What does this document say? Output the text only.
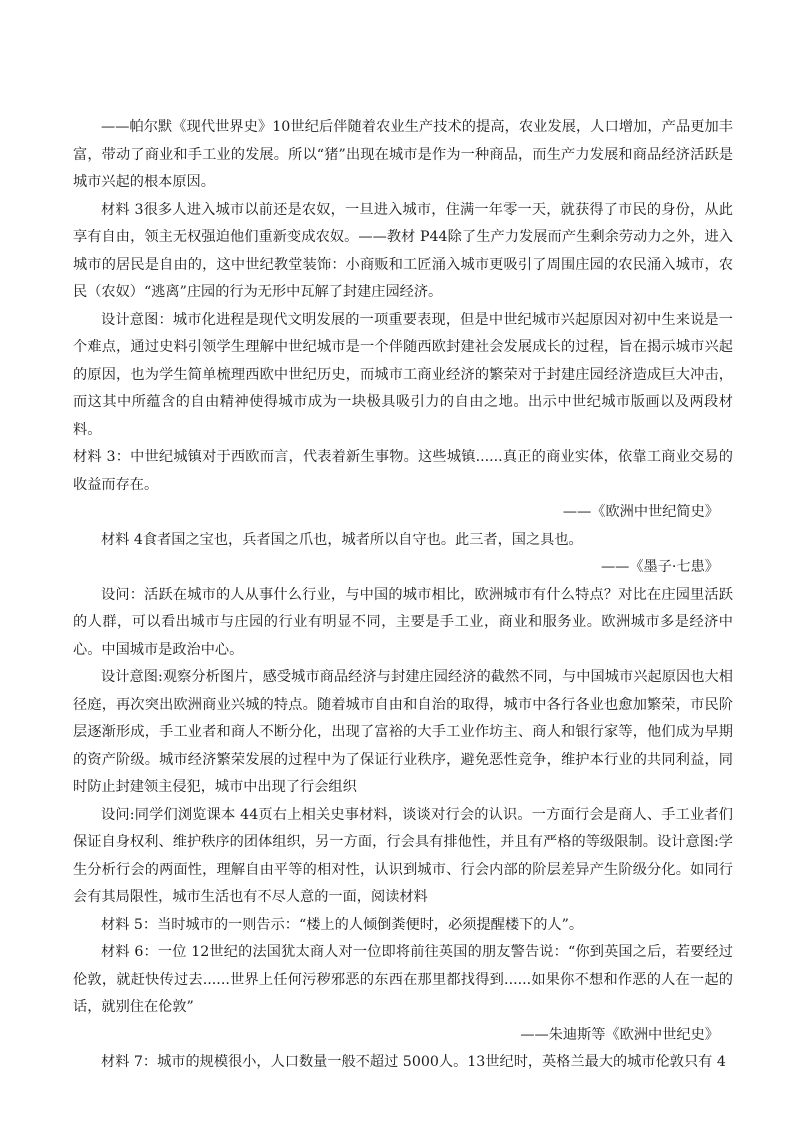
——帕尔默《现代世界史》10世纪后伴随着农业生产技术的提高，农业发展，人口增加，产品更加丰富，带动了商业和手工业的发展。所以“猪”出现在城市是作为一种商品，而生产力发展和商品经济活跃是城市兴起的根本原因。

材料 3很多人进入城市以前还是农奴，一旦进入城市，住满一年零一天，就获得了市民的身份，从此享有自由，领主无权强迫他们重新变成农奴。——教材 P44除了生产力发展而产生剩余劳动力之外，进入城市的居民是自由的，这中世纪教堂装饰：小商贩和工匠涌入城市更吸引了周围庄园的农民涌入城市，农民（农奴）“逃离”庄园的行为无形中瓦解了封建庄园经济。

设计意图：城市化进程是现代文明发展的一项重要表现，但是中世纪城市兴起原因对初中生来说是一个难点，通过史料引领学生理解中世纪城市是一个伴随西欧封建社会发展成长的过程，旨在揭示城市兴起的原因，也为学生简单梳理西欧中世纪历史，而城市工商业经济的繁荣对于封建庄园经济造成巨大冲击，而这其中所蕴含的自由精神使得城市成为一块极具吸引力的自由之地。出示中世纪城市版画以及两段材料。

材料 3：中世纪城镇对于西欧而言，代表着新生事物。这些城镇......真正的商业实体，依靠工商业交易的收益而存在。

——《欧洲中世纪简史》

材料 4食者国之宝也，兵者国之爪也，城者所以自守也。此三者，国之具也。

——《墨子·七患》

设问：活跃在城市的人从事什么行业，与中国的城市相比，欧洲城市有什么特点？对比在庄园里活跃的人群，可以看出城市与庄园的行业有明显不同，主要是手工业，商业和服务业。欧洲城市多是经济中心。中国城市是政治中心。

设计意图:观察分析图片，感受城市商品经济与封建庄园经济的截然不同，与中国城市兴起原因也大相径庭，再次突出欧洲商业兴城的特点。随着城市自由和自治的取得，城市中各行各业也愈加繁荣，市民阶层逐渐形成，手工业者和商人不断分化，出现了富裕的大手工业作坊主、商人和银行家等，他们成为早期的资产阶级。城市经济繁荣发展的过程中为了保证行业秩序，避免恶性竞争，维护本行业的共同利益，同时防止封建领主侵犯，城市中出现了行会组织

设问:同学们浏览课本 44页右上相关史事材料，谈谈对行会的认识。一方面行会是商人、手工业者们保证自身权利、维护秩序的团体组织，另一方面，行会具有排他性，并且有严格的等级限制。设计意图:学生分析行会的两面性，理解自由平等的相对性，认识到城市、行会内部的阶层差异产生阶级分化。如同行会有其局限性，城市生活也有不尽人意的一面，阅读材料

材料 5：当时城市的一则告示：“楼上的人倾倒粪便时，必须提醒楼下的人”。

材料 6：一位 12世纪的法国犹太商人对一位即将前往英国的朋友警告说：“你到英国之后，若要经过伦敦，就赶快传过去......世界上任何污秽邪恶的东西在那里都找得到......如果你不想和作恶的人在一起的话，就别住在伦敦”

——朱迪斯等《欧洲中世纪史》

材料 7：城市的规模很小，人口数量一般不超过 5000人。13世纪时，英格兰最大的城市伦敦只有 4
